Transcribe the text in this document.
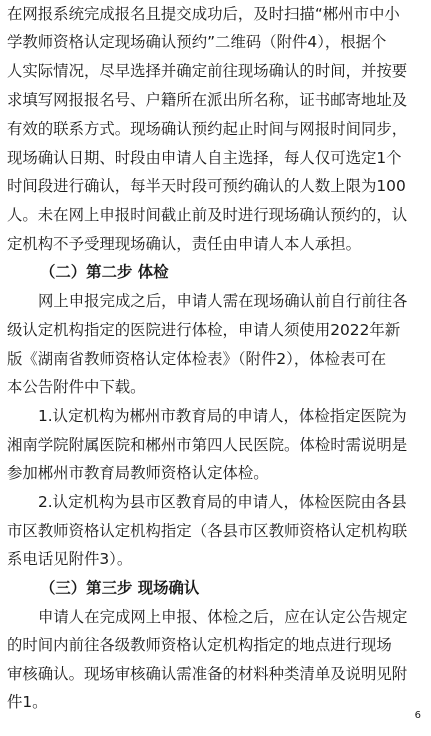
在网报系统完成报名且提交成功后，及时扫描“郴州市中小
学教师资格认定现场确认预约”二维码（附件4），根据个
人实际情况，尽早选择并确定前往现场确认的时间，并按要
求填写网报报名号、户籍所在派出所名称，证书邮寄地址及
有效的联系方式。现场确认预约起止时间与网报时间同步，
现场确认日期、时段由申请人自主选择，每人仅可选定1个
时间段进行确认，每半天时段可预约确认的人数上限为100
人。未在网上申报时间截止前及时进行现场确认预约的，认
定机构不予受理现场确认，责任由申请人本人承担。
（二）第二步 体检
网上申报完成之后，申请人需在现场确认前自行前往各
级认定机构指定的医院进行体检，申请人须使用2022年新
版《湖南省教师资格认定体检表》（附件2），体检表可在
本公告附件中下载。
1.认定机构为郴州市教育局的申请人，体检指定医院为
湘南学院附属医院和郴州市第四人民医院。体检时需说明是
参加郴州市教育局教师资格认定体检。
2.认定机构为县市区教育局的申请人，体检医院由各县
市区教师资格认定机构指定（各县市区教师资格认定机构联
系电话见附件3）。
（三）第三步 现场确认
申请人在完成网上申报、体检之后，应在认定公告规定
的时间内前往各级教师资格认定机构指定的地点进行现场
审核确认。现场审核确认需准备的材料种类清单及说明见附
件1。
6
